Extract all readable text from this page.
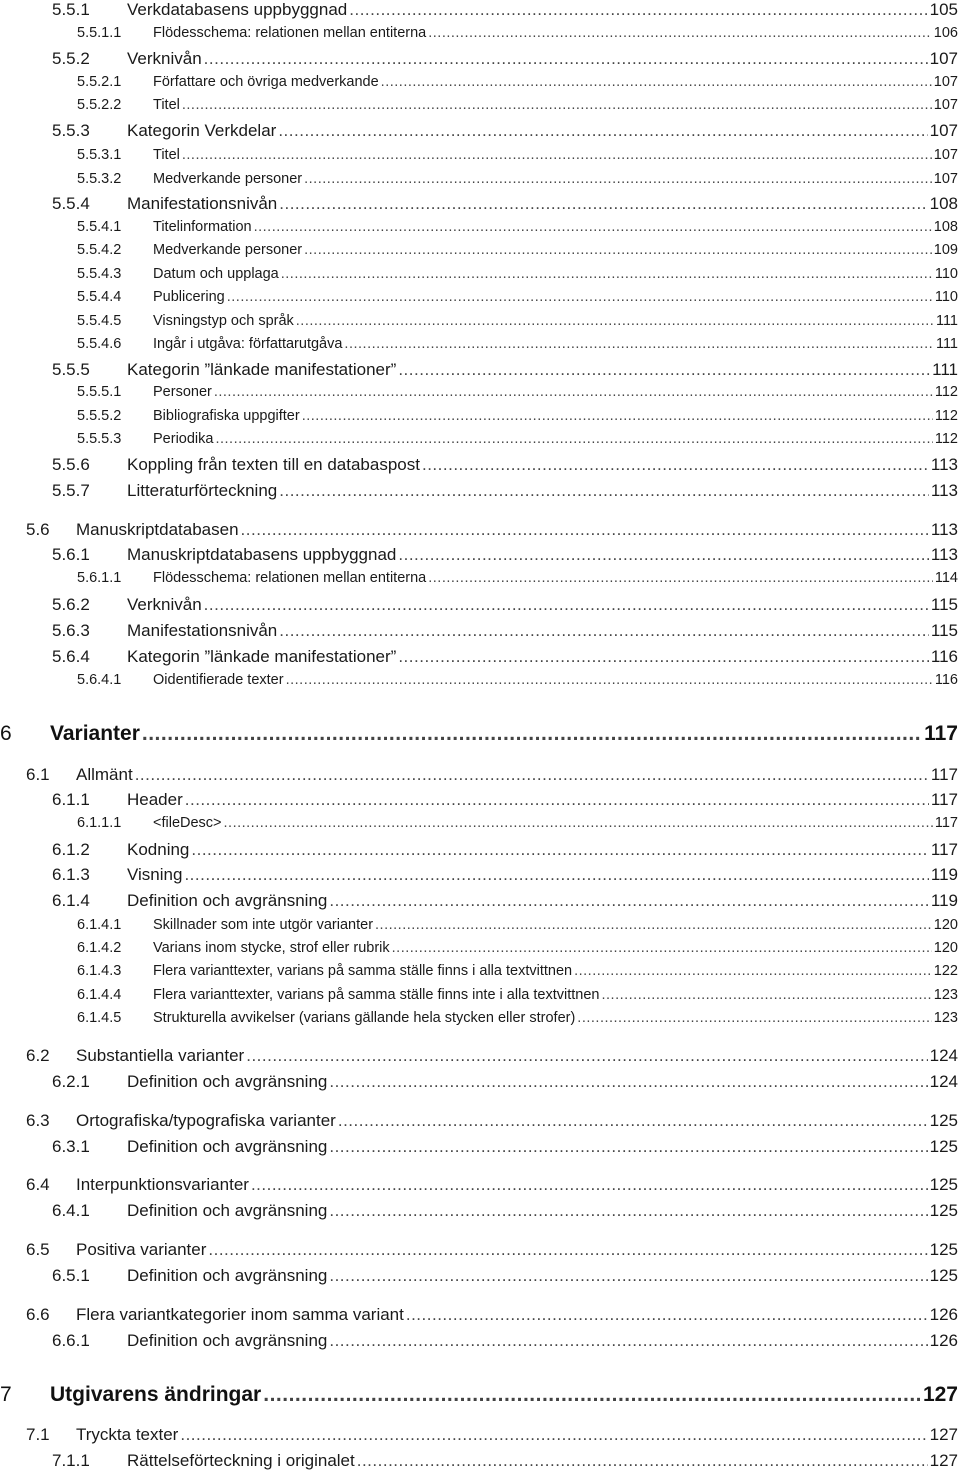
5.5.1	Verkdatabasens uppbyggnad .....	105
5.5.1.1	Flödesschema: relationen mellan entiterna .....	106
5.5.2	Verknivån .....	107
5.5.2.1	Författare och övriga medverkande .....	107
5.5.2.2	Titel .....	107
5.5.3	Kategorin Verkdelar .....	107
5.5.3.1	Titel .....	107
5.5.3.2	Medverkande personer .....	107
5.5.4	Manifestationsnivån .....	108
5.5.4.1	Titelinformation .....	108
5.5.4.2	Medverkande personer .....	109
5.5.4.3	Datum och upplaga .....	110
5.5.4.4	Publicering .....	110
5.5.4.5	Visningstyp och språk .....	111
5.5.4.6	Ingår i utgåva: författarutgåva .....	111
5.5.5	Kategorin ”länkade manifestationer” .....	111
5.5.5.1	Personer .....	112
5.5.5.2	Bibliografiska uppgifter .....	112
5.5.5.3	Periodika .....	112
5.5.6	Koppling från texten till en databaspost .....	113
5.5.7	Litteraturförteckning .....	113
5.6	Manuskriptdatabasen .....	113
5.6.1	Manuskriptdatabasens uppbyggnad .....	113
5.6.1.1	Flödesschema: relationen mellan entiterna .....	114
5.6.2	Verknivån .....	115
5.6.3	Manifestationsnivån .....	115
5.6.4	Kategorin ”länkade manifestationer” .....	116
5.6.4.1	Oidentifierade texter .....	116
6	Varianter .....	117
6.1	Allmänt .....	117
6.1.1	Header .....	117
6.1.1.1	<fileDesc> .....	117
6.1.2	Kodning .....	117
6.1.3	Visning .....	119
6.1.4	Definition och avgränsning .....	119
6.1.4.1	Skillnader som inte utgör varianter .....	120
6.1.4.2	Varians inom stycke, strof eller rubrik .....	120
6.1.4.3	Flera varianttexter, varians på samma ställe finns i alla textvittnen .....	122
6.1.4.4	Flera varianttexter, varians på samma ställe finns inte i alla textvittnen .....	123
6.1.4.5	Strukturella avvikelser (varians gällande hela stycken eller strofer) .....	123
6.2	Substantiella varianter .....	124
6.2.1	Definition och avgränsning .....	124
6.3	Ortografiska/typografiska varianter .....	125
6.3.1	Definition och avgränsning .....	125
6.4	Interpunktionsvarianter .....	125
6.4.1	Definition och avgränsning .....	125
6.5	Positiva varianter .....	125
6.5.1	Definition och avgränsning .....	125
6.6	Flera variantkategorier inom samma variant .....	126
6.6.1	Definition och avgränsning .....	126
7	Utgivarens ändringar .....	127
7.1	Tryckta texter .....	127
7.1.1	Rättelseförteckning i originalet .....	127
